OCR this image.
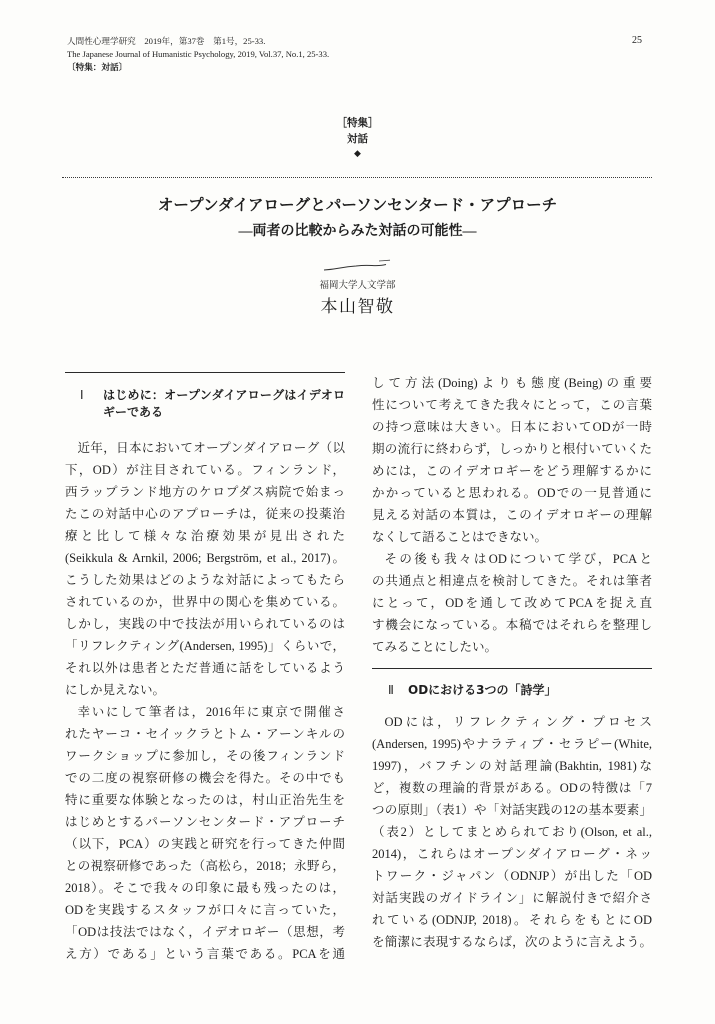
人間性心理学研究　2019年，第37巻　第1号，25-33.
The Japanese Journal of Humanistic Psychology, 2019, Vol.37, No.1, 25-33.
〔特集：対話〕
25
［特集］
対話
◆
オープンダイアローグとパーソンセンタード・アプローチ
―両者の比較からみた対話の可能性―
福岡大学人文学部
本山智敬
Ⅰ はじめに：オープンダイアローグはイデオロ
ギーである
近年，日本においてオープンダイアローグ（以
下，OD）が注目されている。フィンランド，
西ラップランド地方のケロプダス病院で始まっ
たこの対話中心のアプローチは，従来の投薬治
療と比して様々な治療効果が見出された
(Seikkula & Arnkil, 2006; Bergström, et al., 2017)。
こうした効果はどのような対話によってもたら
されているのか，世界中の関心を集めている。
しかし，実践の中で技法が用いられているのは
「リフレクティング(Andersen, 1995)」くらいで，
それ以外は患者とただ普通に話をしているよう
にしか見えない。
幸いにして筆者は，2016年に東京で開催さ
れたヤーコ・セイックラとトム・アーンキルの
ワークショップに参加し，その後フィンランド
での二度の視察研修の機会を得た。その中でも
特に重要な体験となったのは，村山正治先生を
はじめとするパーソンセンタード・アプローチ
（以下，PCA）の実践と研究を行ってきた仲間
との視察研修であった（高松ら，2018；永野ら，
2018）。そこで我々の印象に最も残ったのは，
ODを実践するスタッフが口々に言っていた，
「ODは技法ではなく，イデオロギー（思想，考
え方）である」という言葉である。PCAを通
して方法(Doing)よりも態度(Being)の重要
性について考えてきた我々にとって，この言葉
の持つ意味は大きい。日本においてODが一時
期の流行に終わらず，しっかりと根付いていくた
めには，このイデオロギーをどう理解するかに
かかっていると思われる。ODでの一見普通に
見える対話の本質は，このイデオロギーの理解
なくして語ることはできない。
その後も我々はODについて学び，PCAと
の共通点と相違点を検討してきた。それは筆者
にとって，ODを通して改めてPCAを捉え直
す機会になっている。本稿ではそれらを整理し
てみることにしたい。
Ⅱ ODにおける3つの「詩学」
ODには，リフレクティング・プロセス
(Andersen, 1995)やナラティブ・セラピー(White,
1997)，バフチンの対話理論(Bakhtin, 1981)な
ど，複数の理論的背景がある。ODの特徴は「7
つの原則」（表1）や「対話実践の12の基本要素」
（表2）としてまとめられており(Olson, et al.,
2014)，これらはオープンダイアローグ・ネッ
トワーク・ジャパン（ODNJP）が出した「OD
対話実践のガイドライン」に解説付きで紹介さ
れている(ODNJP, 2018)。それらをもとにOD
を簡潔に表現するならば，次のように言えよう。
